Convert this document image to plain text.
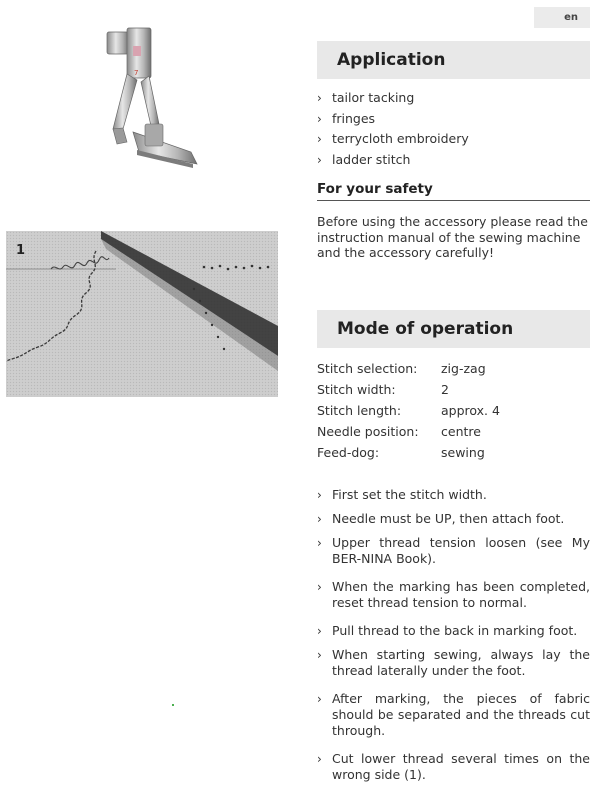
en
7
1
Application
› tailor tacking
› fringes
› terrycloth embroidery
› ladder stitch
For your safety
Before using the accessory please read the instruction manual of the sewing machine and the accessory carefully!
Mode of operation
Stitch selection:	zig-zag
Stitch width:	2
Stitch length:	approx. 4
Needle position:	centre
Feed-dog:	sewing
› First set the stitch width.
› Needle must be UP, then attach foot.
› Upper thread tension loosen (see My BER-NINA Book).
› When the marking has been completed, reset thread tension to normal.
› Pull thread to the back in marking foot.
› When starting sewing, always lay the thread laterally under the foot.
› After marking, the pieces of fabric should be separated and the threads cut through.
› Cut lower thread several times on the wrong side (1).
